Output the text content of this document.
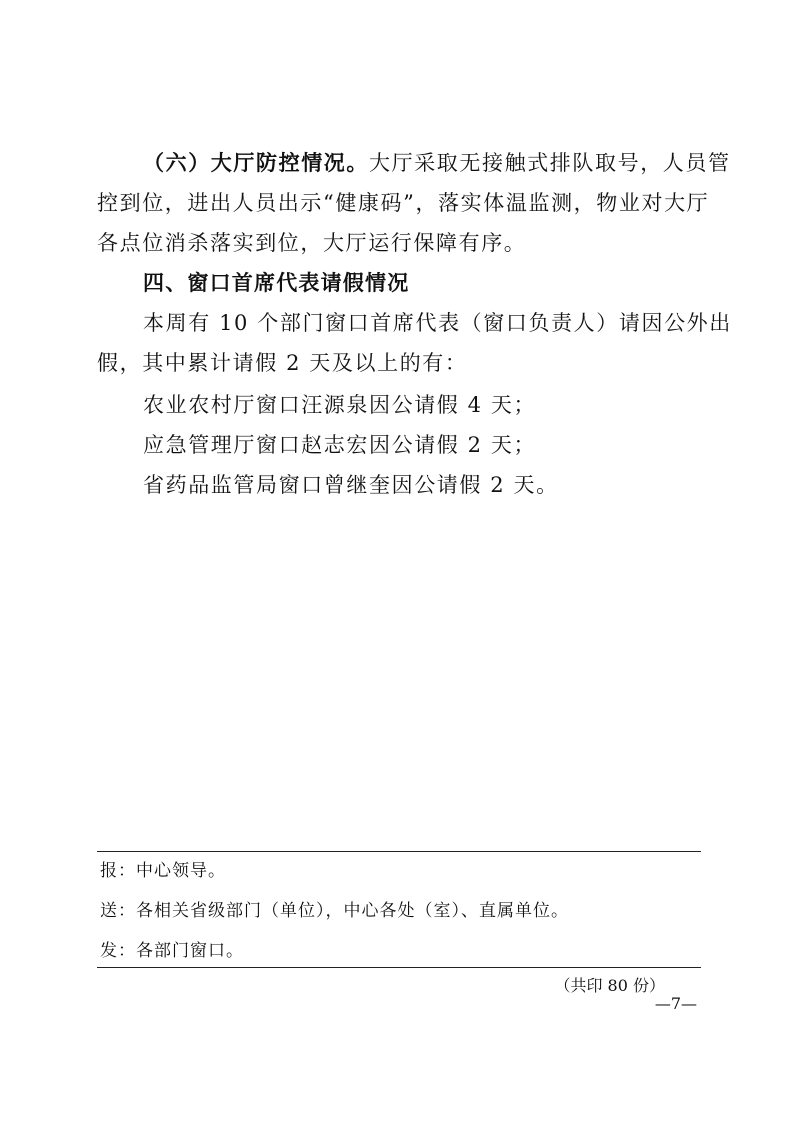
（六）大厅防控情况。大厅采取无接触式排队取号，人员管
控到位，进出人员出示“健康码”，落实体温监测，物业对大厅
各点位消杀落实到位，大厅运行保障有序。
四、窗口首席代表请假情况
本周有 10 个部门窗口首席代表（窗口负责人）请因公外出
假，其中累计请假 2 天及以上的有：
农业农村厅窗口汪源泉因公请假 4 天；
应急管理厅窗口赵志宏因公请假 2 天；
省药品监管局窗口曾继奎因公请假 2 天。
报：中心领导。
送：各相关省级部门（单位），中心各处（室）、直属单位。
发：各部门窗口。
（共印 80 份）
—7—
